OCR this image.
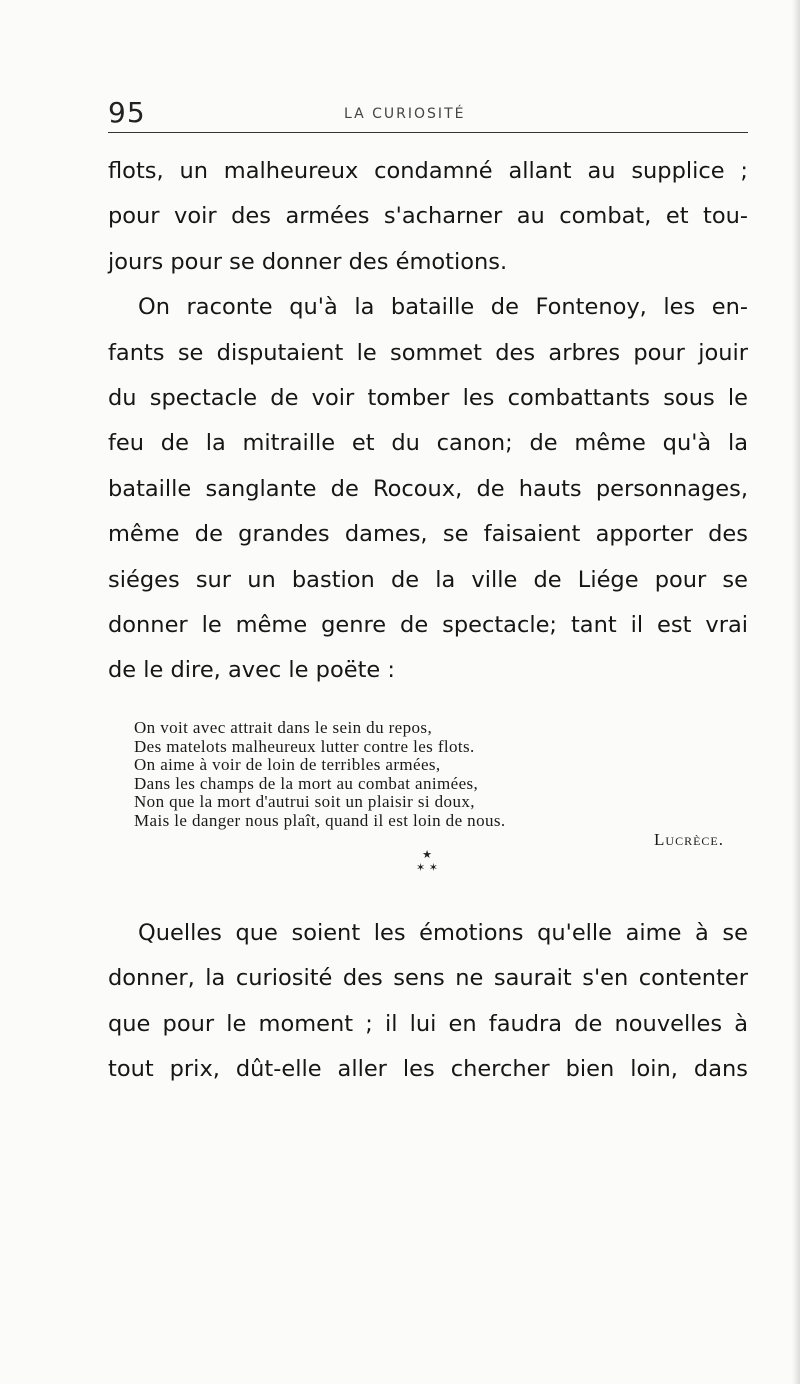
95	LA CURIOSITÉ
flots, un malheureux condamné allant au supplice ;
pour voir des armées s'acharner au combat, et tou-
jours pour se donner des émotions.
On raconte qu'à la bataille de Fontenoy, les en-
fants se disputaient le sommet des arbres pour jouir
du spectacle de voir tomber les combattants sous le
feu de la mitraille et du canon; de même qu'à la
bataille sanglante de Rocoux, de hauts personnages,
même de grandes dames, se faisaient apporter des
siéges sur un bastion de la ville de Liége pour se
donner le même genre de spectacle; tant il est vrai
de le dire, avec le poëte :
On voit avec attrait dans le sein du repos,
Des matelots malheureux lutter contre les flots.
On aime à voir de loin de terribles armées,
Dans les champs de la mort au combat animées,
Non que la mort d'autrui soit un plaisir si doux,
Mais le danger nous plaît, quand il est loin de nous.
Lucrèce.
★
✶ ✶
Quelles que soient les émotions qu'elle aime à se
donner, la curiosité des sens ne saurait s'en contenter
que pour le moment ; il lui en faudra de nouvelles à
tout prix, dût-elle aller les chercher bien loin, dans
